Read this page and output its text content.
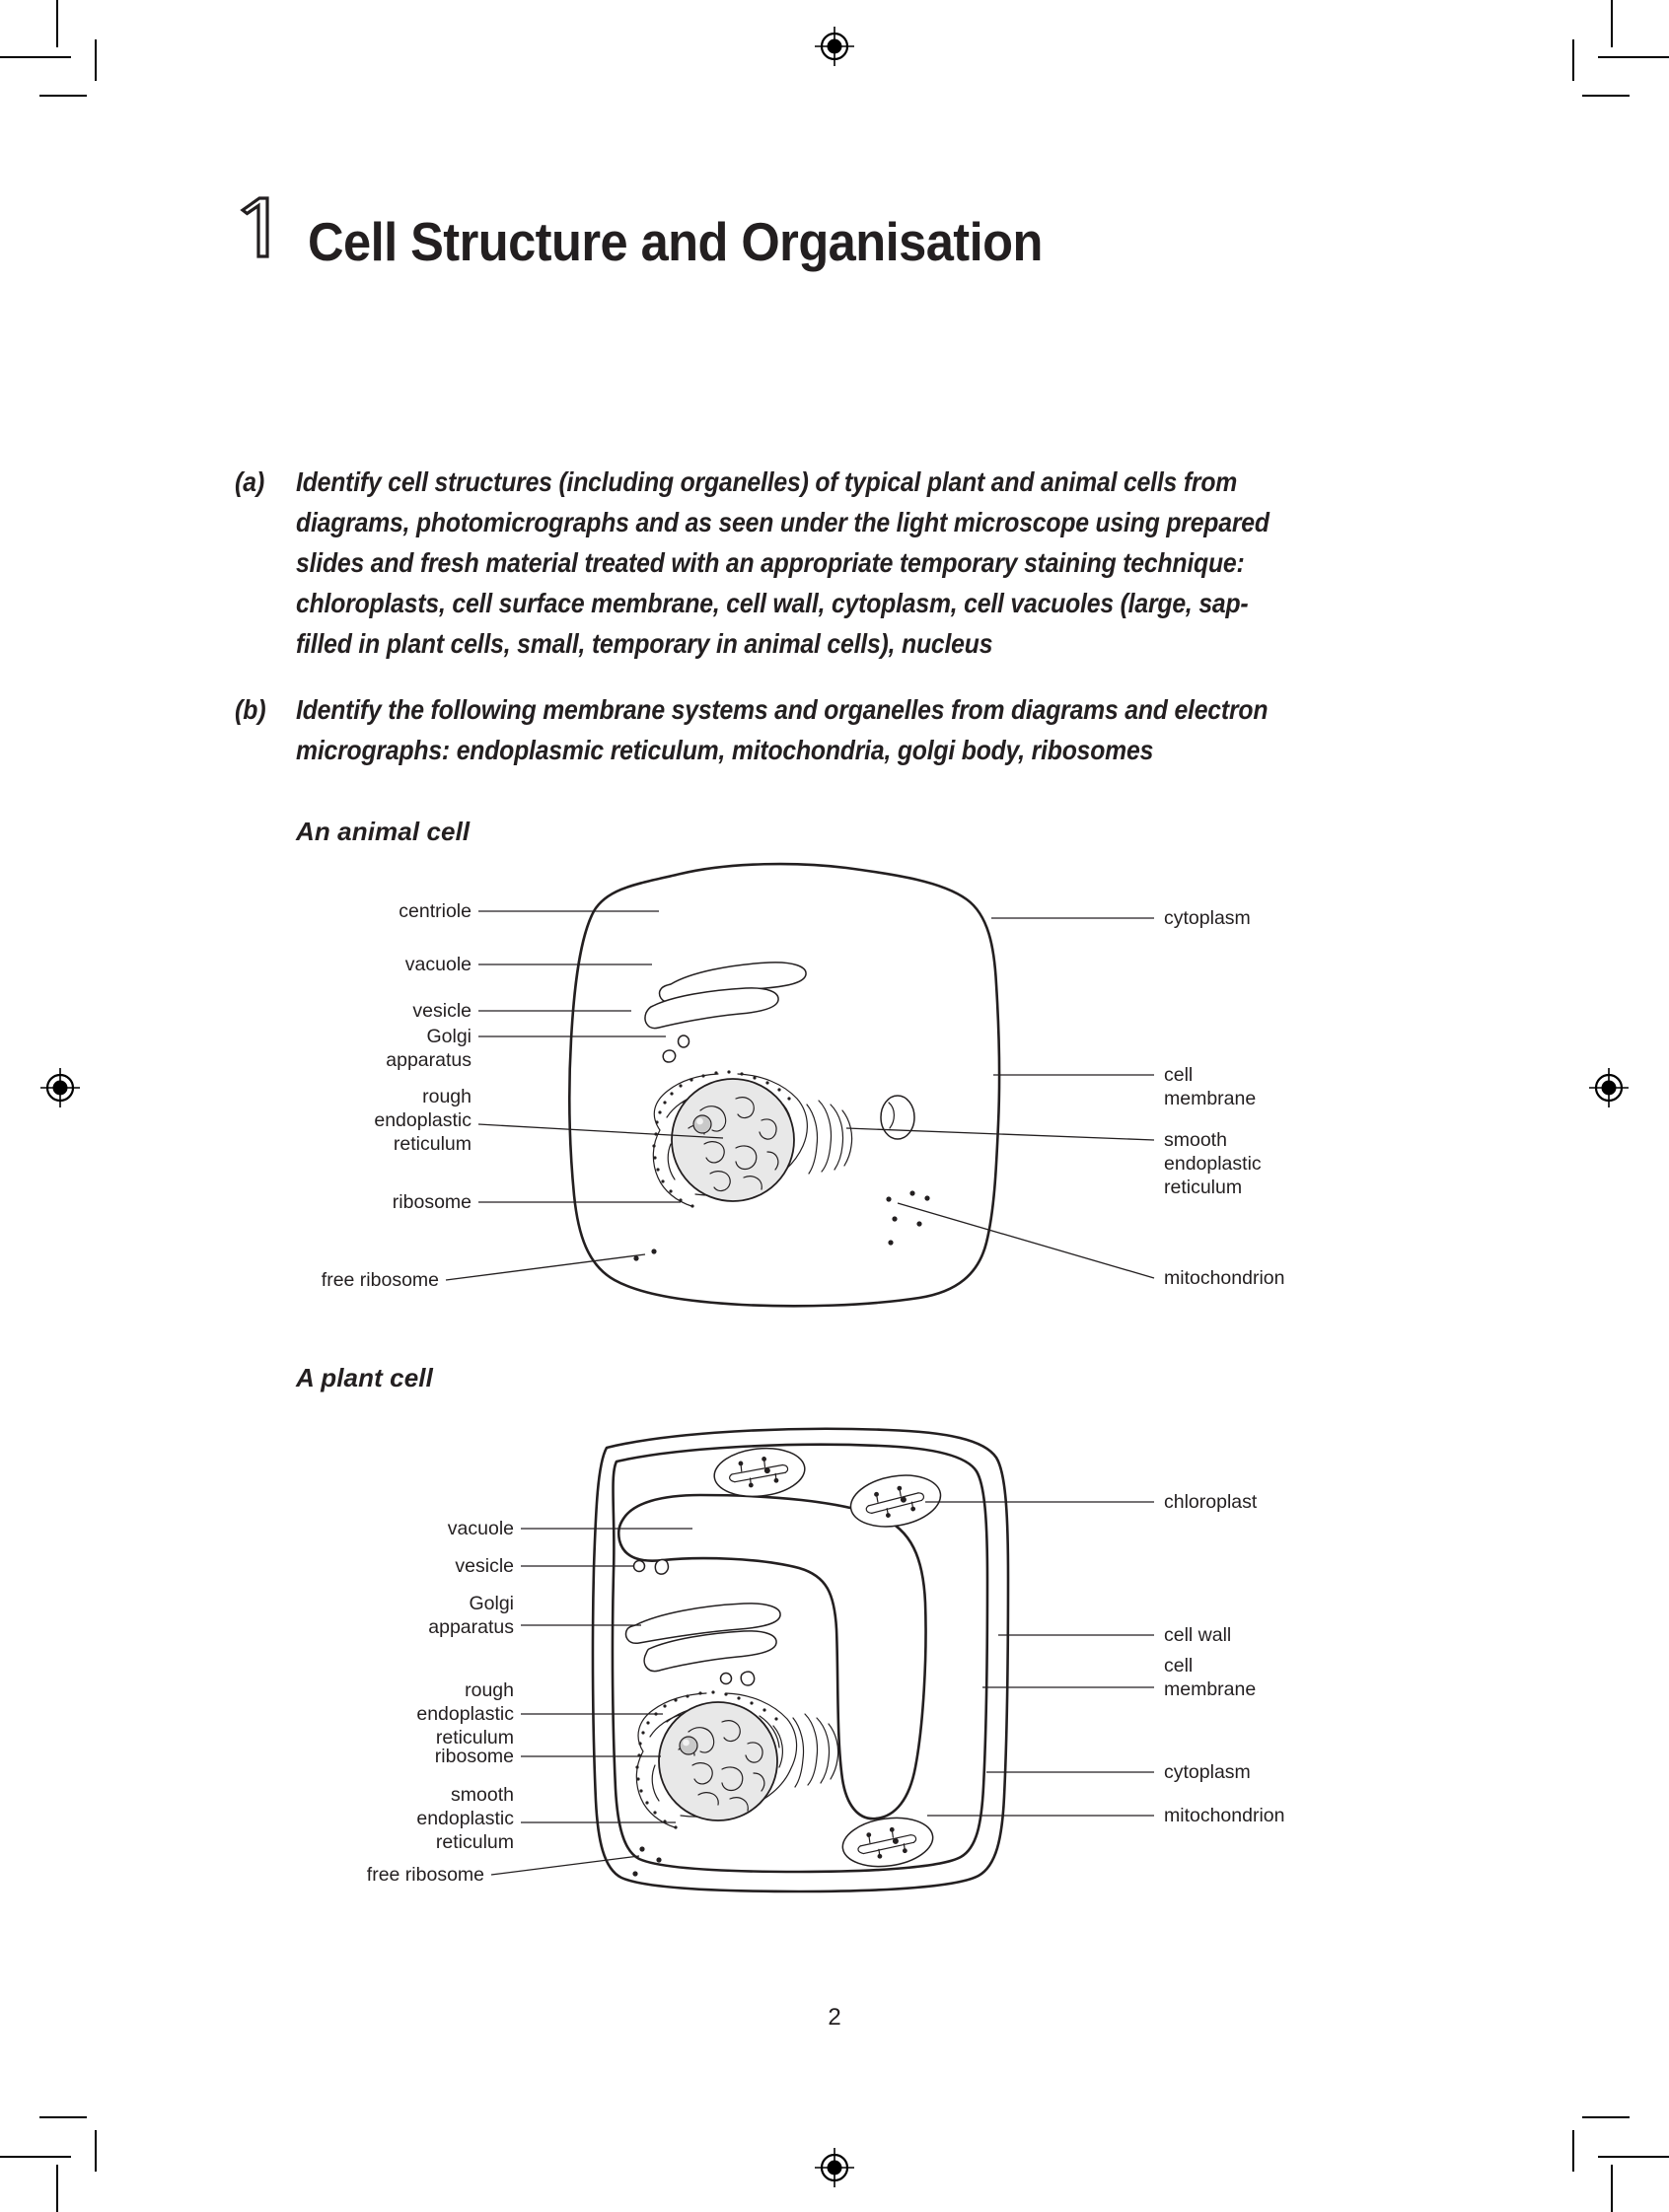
Cell Structure and Organisation
(a)	Identify cell structures (including organelles) of typical plant and animal cells from diagrams, photomicrographs and as seen under the light microscope using prepared slides and fresh material treated with an appropriate temporary staining technique: chloroplasts, cell surface membrane, cell wall, cytoplasm, cell vacuoles (large, sap-filled in plant cells, small, temporary in animal cells), nucleus
(b)	Identify the following membrane systems and organelles from diagrams and electron micrographs: endoplasmic reticulum, mitochondria, golgi body, ribosomes
An animal cell
centriole
vacuole
vesicle
Golgi
apparatus
rough
endoplastic
reticulum
ribosome
free ribosome
cytoplasm
cell
membrane
smooth
endoplastic
reticulum
mitochondrion
A plant cell
vacuole
vesicle
Golgi
apparatus
rough
endoplastic
reticulum
ribosome
smooth
endoplastic
reticulum
free ribosome
chloroplast
cell wall
cell
membrane
cytoplasm
mitochondrion
2
